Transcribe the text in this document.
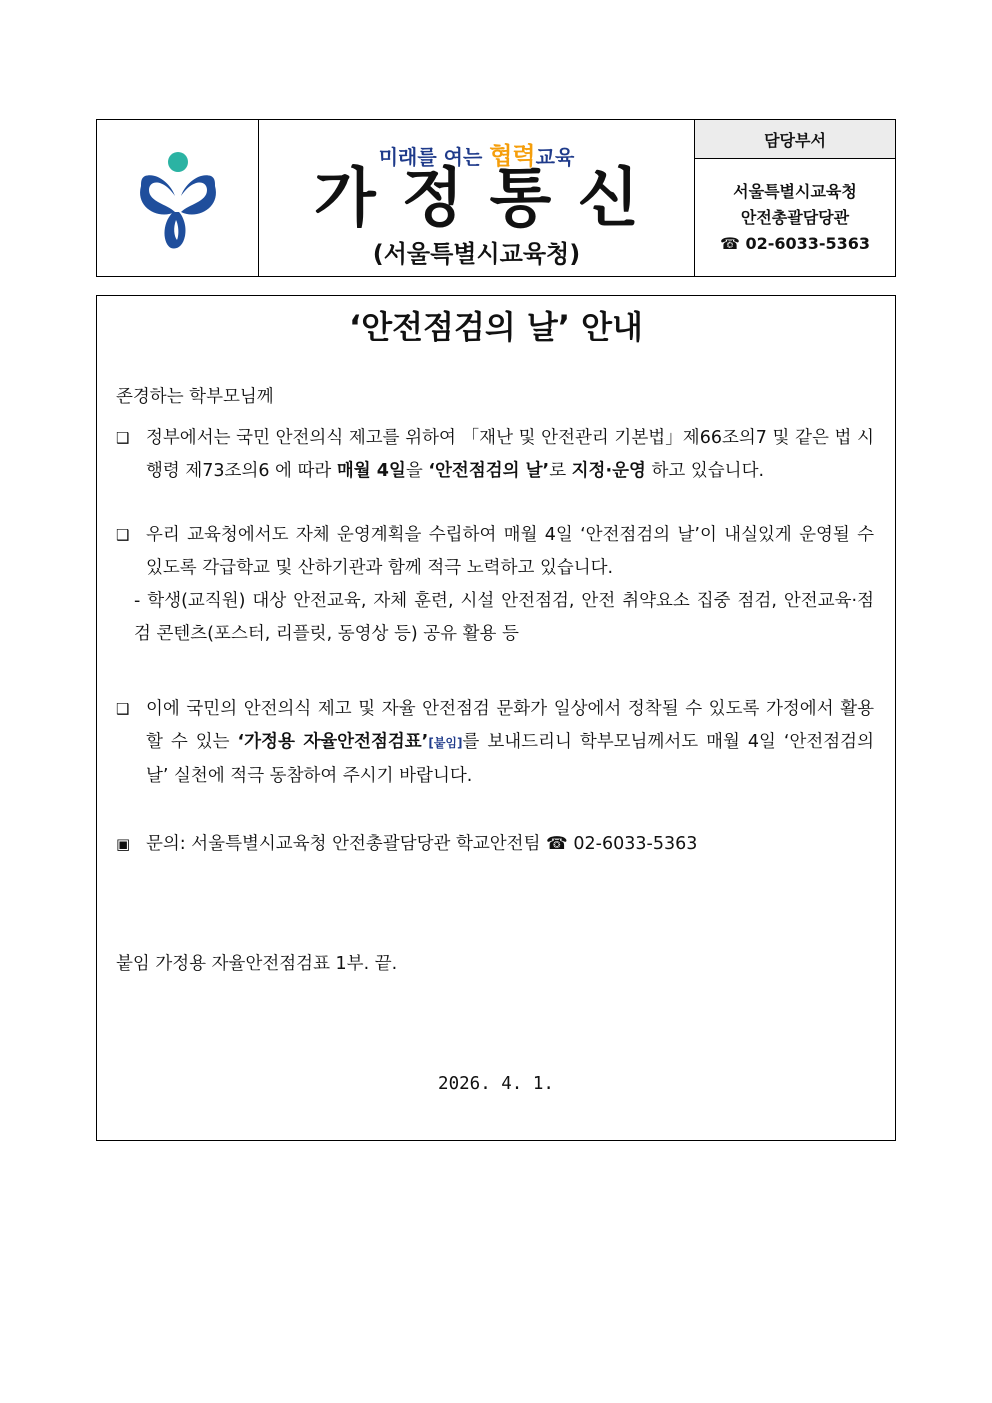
미래를 여는 협력교육
가정통신
(서울특별시교육청)
담당부서
서울특별시교육청
안전총괄담당관
☎ 02-6033-5363
‘안전점검의 날’ 안내
존경하는 학부모님께
❑ 정부에서는 국민 안전의식 제고를 위하여 「재난 및 안전관리 기본법」제66조의7 및 같은 법 시행령 제73조의6 에 따라 매월 4일을 ‘안전점검의 날’로 지정·운영 하고 있습니다.
❑ 우리 교육청에서도 자체 운영계획을 수립하여 매월 4일 ‘안전점검의 날’이 내실있게 운영될 수 있도록 각급학교 및 산하기관과 함께 적극 노력하고 있습니다.
- 학생(교직원) 대상 안전교육, 자체 훈련, 시설 안전점검, 안전 취약요소 집중 점검, 안전교육·점검 콘텐츠(포스터, 리플릿, 동영상 등) 공유 활용 등
❑ 이에 국민의 안전의식 제고 및 자율 안전점검 문화가 일상에서 정착될 수 있도록 가정에서 활용할 수 있는 ‘가정용 자율안전점검표’[붙임]를 보내드리니 학부모님께서도 매월 4일 ‘안전점검의 날’ 실천에 적극 동참하여 주시기 바랍니다.
▣ 문의: 서울특별시교육청 안전총괄담당관 학교안전팀 ☎ 02-6033-5363
붙임 가정용 자율안전점검표 1부. 끝.
2026. 4. 1.
